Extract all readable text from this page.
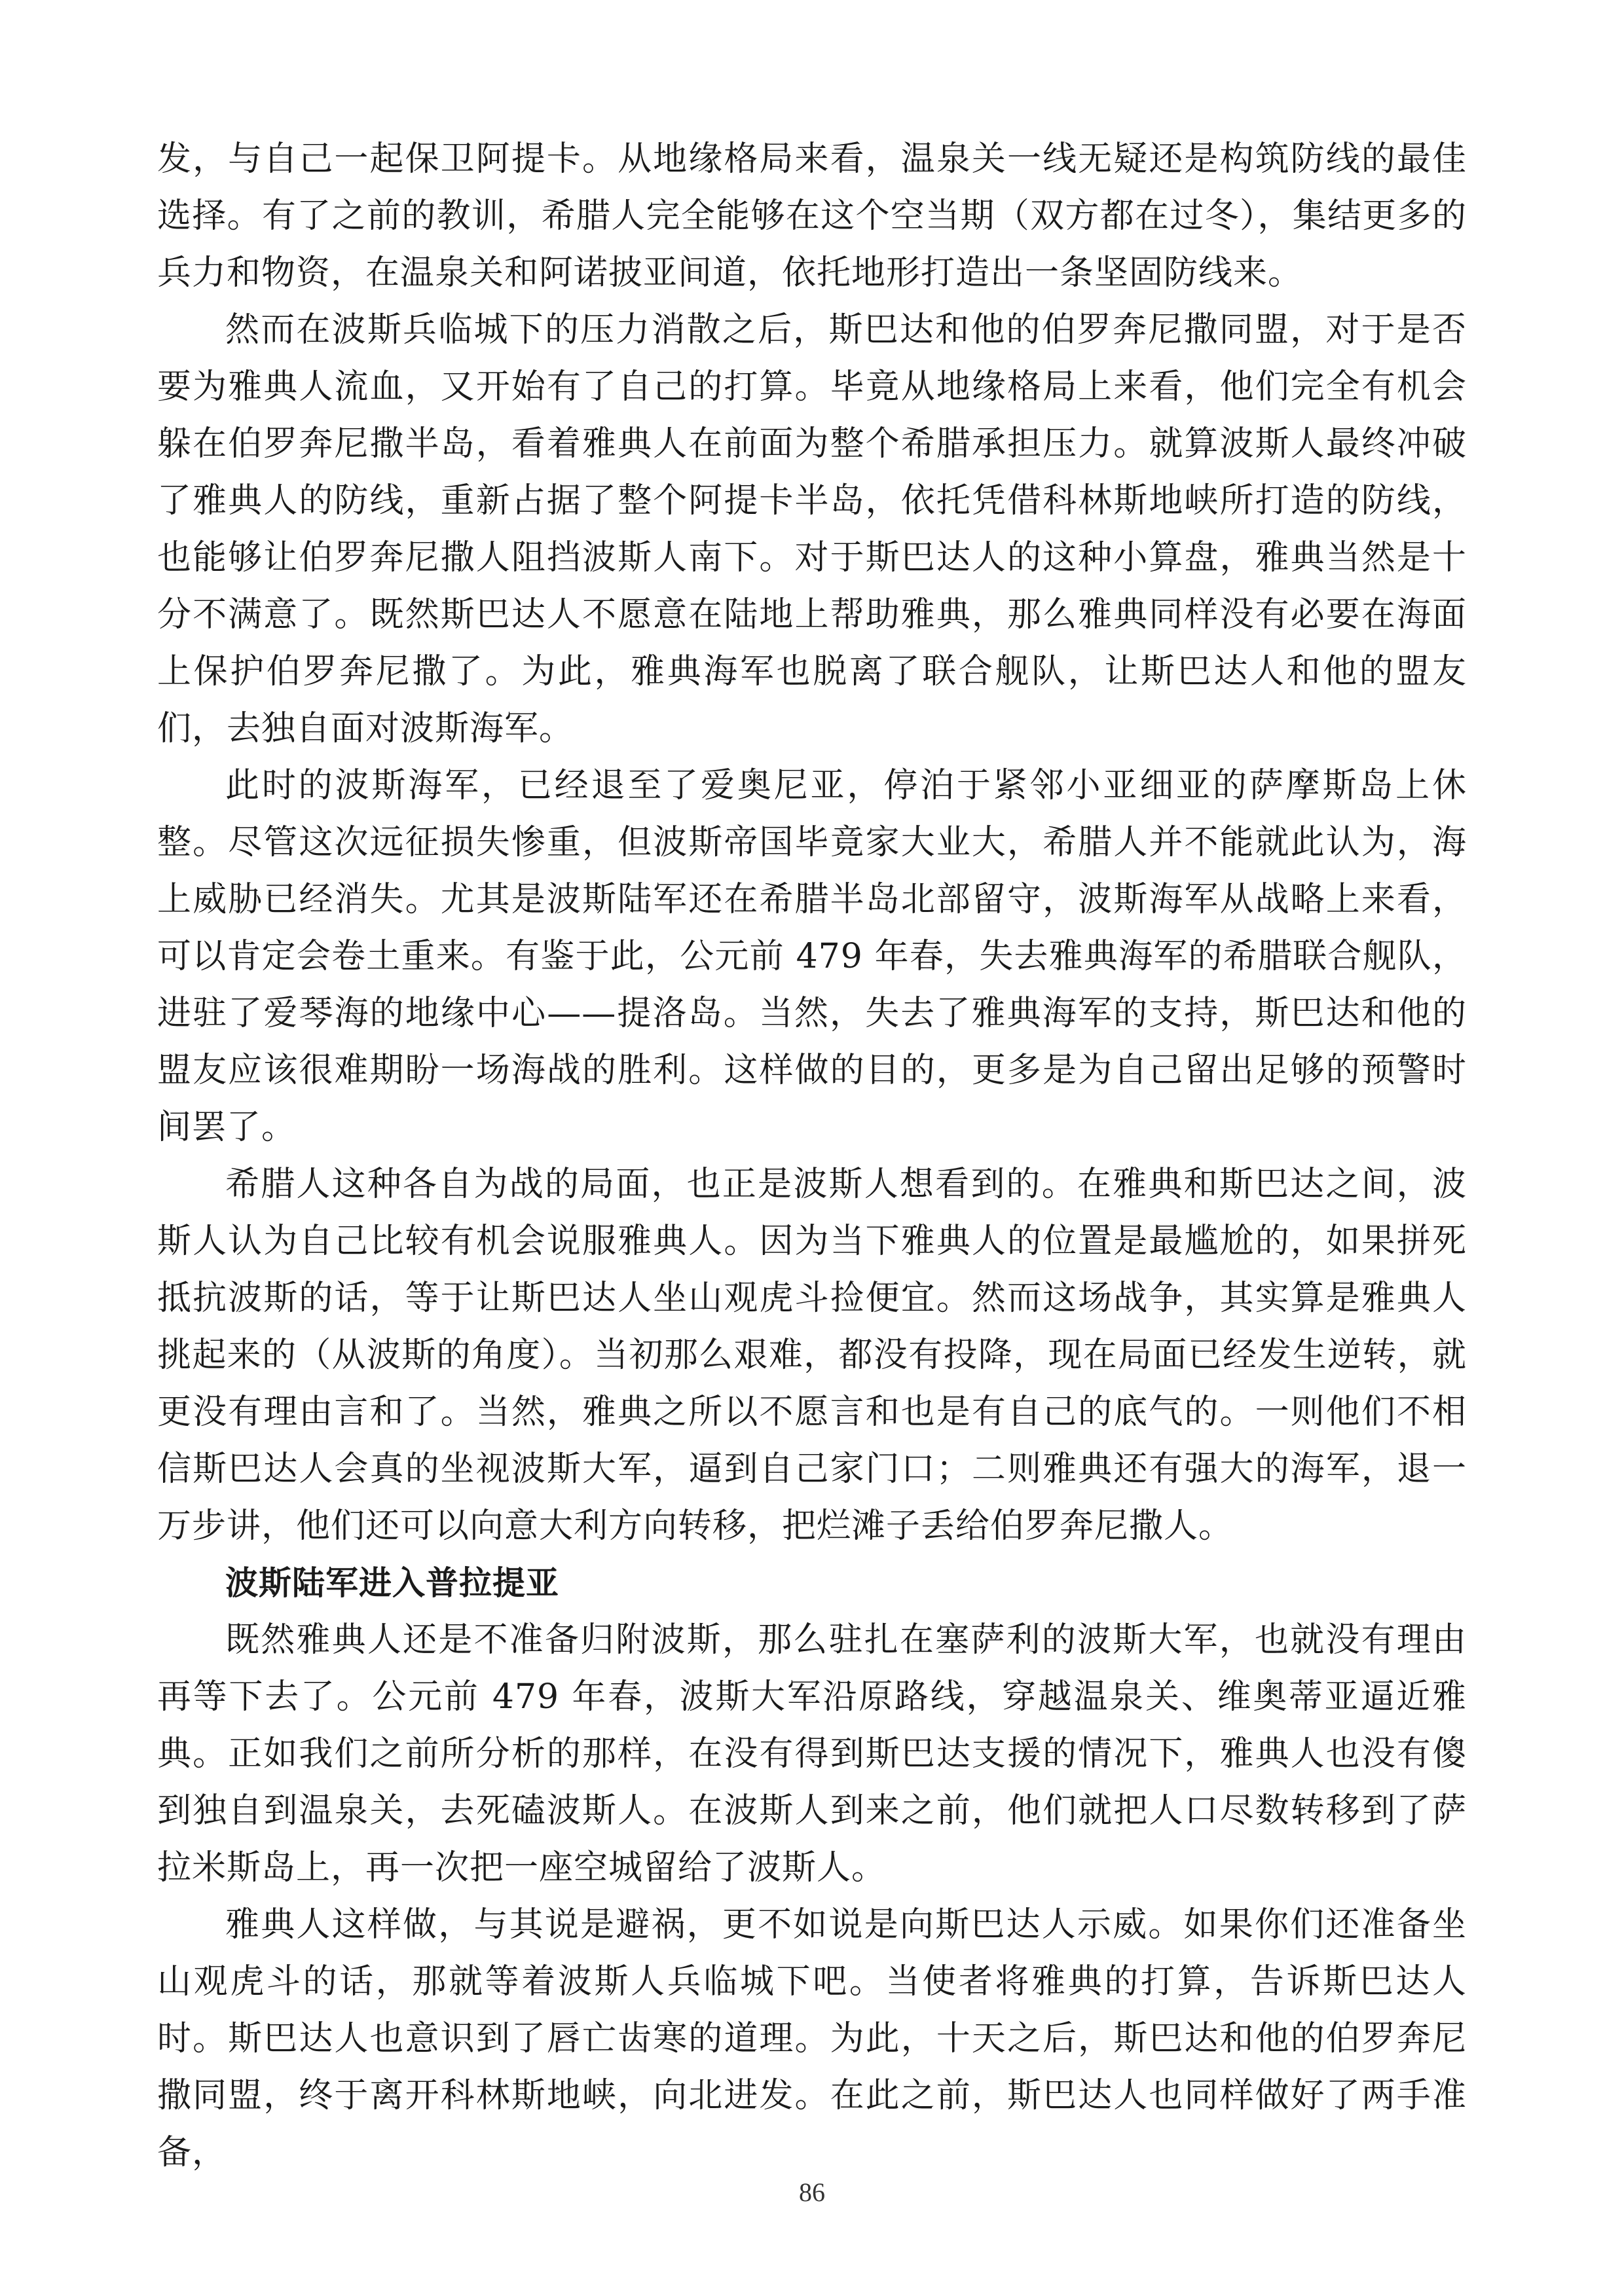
发，与自己一起保卫阿提卡。从地缘格局来看，温泉关一线无疑还是构筑防线的最佳选择。有了之前的教训，希腊人完全能够在这个空当期（双方都在过冬），集结更多的兵力和物资，在温泉关和阿诺披亚间道，依托地形打造出一条坚固防线来。

然而在波斯兵临城下的压力消散之后，斯巴达和他的伯罗奔尼撒同盟，对于是否要为雅典人流血，又开始有了自己的打算。毕竟从地缘格局上来看，他们完全有机会躲在伯罗奔尼撒半岛，看着雅典人在前面为整个希腊承担压力。就算波斯人最终冲破了雅典人的防线，重新占据了整个阿提卡半岛，依托凭借科林斯地峡所打造的防线，也能够让伯罗奔尼撒人阻挡波斯人南下。对于斯巴达人的这种小算盘，雅典当然是十分不满意了。既然斯巴达人不愿意在陆地上帮助雅典，那么雅典同样没有必要在海面上保护伯罗奔尼撒了。为此，雅典海军也脱离了联合舰队，让斯巴达人和他的盟友们，去独自面对波斯海军。

此时的波斯海军，已经退至了爱奥尼亚，停泊于紧邻小亚细亚的萨摩斯岛上休整。尽管这次远征损失惨重，但波斯帝国毕竟家大业大，希腊人并不能就此认为，海上威胁已经消失。尤其是波斯陆军还在希腊半岛北部留守，波斯海军从战略上来看，可以肯定会卷土重来。有鉴于此，公元前 479 年春，失去雅典海军的希腊联合舰队，进驻了爱琴海的地缘中心——提洛岛。当然，失去了雅典海军的支持，斯巴达和他的盟友应该很难期盼一场海战的胜利。这样做的目的，更多是为自己留出足够的预警时间罢了。

希腊人这种各自为战的局面，也正是波斯人想看到的。在雅典和斯巴达之间，波斯人认为自己比较有机会说服雅典人。因为当下雅典人的位置是最尴尬的，如果拼死抵抗波斯的话，等于让斯巴达人坐山观虎斗捡便宜。然而这场战争，其实算是雅典人挑起来的（从波斯的角度）。当初那么艰难，都没有投降，现在局面已经发生逆转，就更没有理由言和了。当然，雅典之所以不愿言和也是有自己的底气的。一则他们不相信斯巴达人会真的坐视波斯大军，逼到自己家门口；二则雅典还有强大的海军，退一万步讲，他们还可以向意大利方向转移，把烂滩子丢给伯罗奔尼撒人。

波斯陆军进入普拉提亚

既然雅典人还是不准备归附波斯，那么驻扎在塞萨利的波斯大军，也就没有理由再等下去了。公元前 479 年春，波斯大军沿原路线，穿越温泉关、维奥蒂亚逼近雅典。正如我们之前所分析的那样，在没有得到斯巴达支援的情况下，雅典人也没有傻到独自到温泉关，去死磕波斯人。在波斯人到来之前，他们就把人口尽数转移到了萨拉米斯岛上，再一次把一座空城留给了波斯人。

雅典人这样做，与其说是避祸，更不如说是向斯巴达人示威。如果你们还准备坐山观虎斗的话，那就等着波斯人兵临城下吧。当使者将雅典的打算，告诉斯巴达人时。斯巴达人也意识到了唇亡齿寒的道理。为此，十天之后，斯巴达和他的伯罗奔尼撒同盟，终于离开科林斯地峡，向北进发。在此之前，斯巴达人也同样做好了两手准备，

86
